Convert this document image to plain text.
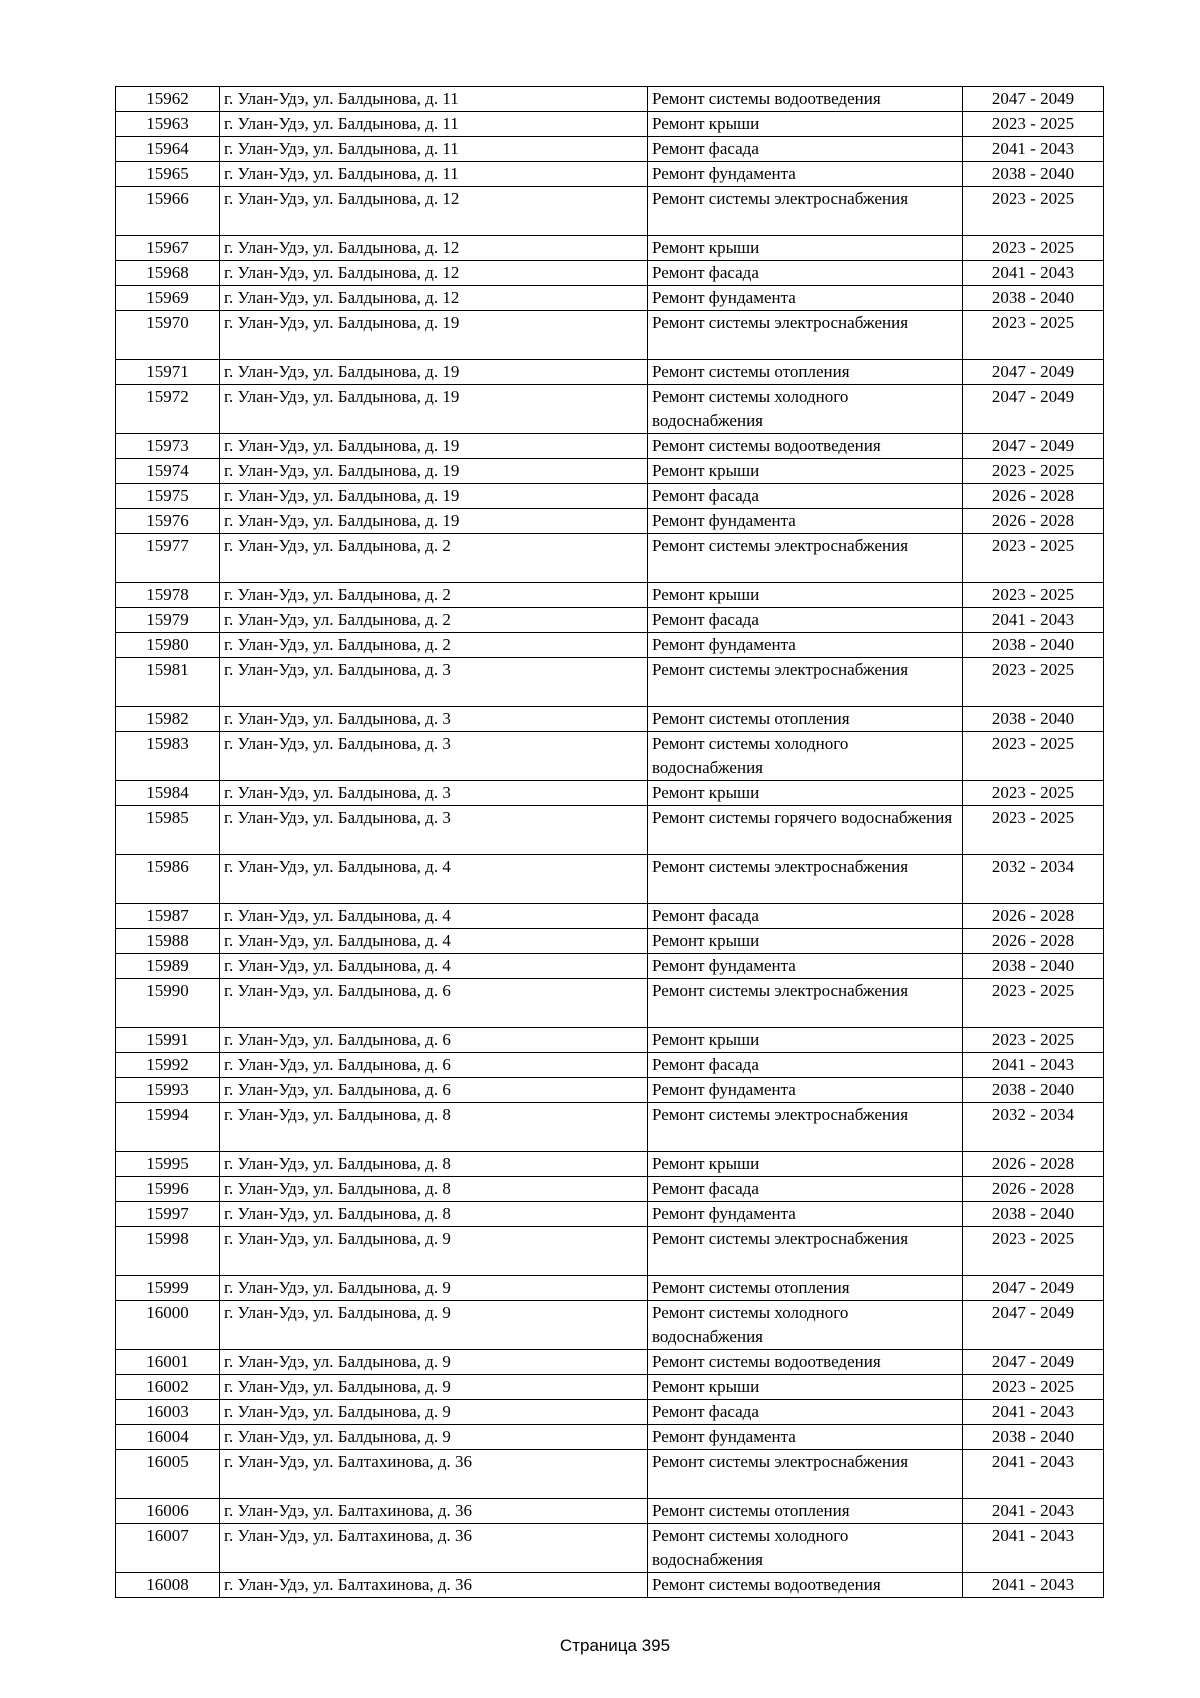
15962	г. Улан-Удэ, ул. Балдынова, д. 11	Ремонт системы водоотведения	2047 - 2049
15963	г. Улан-Удэ, ул. Балдынова, д. 11	Ремонт крыши	2023 - 2025
15964	г. Улан-Удэ, ул. Балдынова, д. 11	Ремонт фасада	2041 - 2043
15965	г. Улан-Удэ, ул. Балдынова, д. 11	Ремонт фундамента	2038 - 2040
15966	г. Улан-Удэ, ул. Балдынова, д. 12	Ремонт системы электроснабжения	2023 - 2025
15967	г. Улан-Удэ, ул. Балдынова, д. 12	Ремонт крыши	2023 - 2025
15968	г. Улан-Удэ, ул. Балдынова, д. 12	Ремонт фасада	2041 - 2043
15969	г. Улан-Удэ, ул. Балдынова, д. 12	Ремонт фундамента	2038 - 2040
15970	г. Улан-Удэ, ул. Балдынова, д. 19	Ремонт системы электроснабжения	2023 - 2025
15971	г. Улан-Удэ, ул. Балдынова, д. 19	Ремонт системы отопления	2047 - 2049
15972	г. Улан-Удэ, ул. Балдынова, д. 19	Ремонт системы холодного водоснабжения	2047 - 2049
15973	г. Улан-Удэ, ул. Балдынова, д. 19	Ремонт системы водоотведения	2047 - 2049
15974	г. Улан-Удэ, ул. Балдынова, д. 19	Ремонт крыши	2023 - 2025
15975	г. Улан-Удэ, ул. Балдынова, д. 19	Ремонт фасада	2026 - 2028
15976	г. Улан-Удэ, ул. Балдынова, д. 19	Ремонт фундамента	2026 - 2028
15977	г. Улан-Удэ, ул. Балдынова, д. 2	Ремонт системы электроснабжения	2023 - 2025
15978	г. Улан-Удэ, ул. Балдынова, д. 2	Ремонт крыши	2023 - 2025
15979	г. Улан-Удэ, ул. Балдынова, д. 2	Ремонт фасада	2041 - 2043
15980	г. Улан-Удэ, ул. Балдынова, д. 2	Ремонт фундамента	2038 - 2040
15981	г. Улан-Удэ, ул. Балдынова, д. 3	Ремонт системы электроснабжения	2023 - 2025
15982	г. Улан-Удэ, ул. Балдынова, д. 3	Ремонт системы отопления	2038 - 2040
15983	г. Улан-Удэ, ул. Балдынова, д. 3	Ремонт системы холодного водоснабжения	2023 - 2025
15984	г. Улан-Удэ, ул. Балдынова, д. 3	Ремонт крыши	2023 - 2025
15985	г. Улан-Удэ, ул. Балдынова, д. 3	Ремонт системы горячего водоснабжения	2023 - 2025
15986	г. Улан-Удэ, ул. Балдынова, д. 4	Ремонт системы электроснабжения	2032 - 2034
15987	г. Улан-Удэ, ул. Балдынова, д. 4	Ремонт фасада	2026 - 2028
15988	г. Улан-Удэ, ул. Балдынова, д. 4	Ремонт крыши	2026 - 2028
15989	г. Улан-Удэ, ул. Балдынова, д. 4	Ремонт фундамента	2038 - 2040
15990	г. Улан-Удэ, ул. Балдынова, д. 6	Ремонт системы электроснабжения	2023 - 2025
15991	г. Улан-Удэ, ул. Балдынова, д. 6	Ремонт крыши	2023 - 2025
15992	г. Улан-Удэ, ул. Балдынова, д. 6	Ремонт фасада	2041 - 2043
15993	г. Улан-Удэ, ул. Балдынова, д. 6	Ремонт фундамента	2038 - 2040
15994	г. Улан-Удэ, ул. Балдынова, д. 8	Ремонт системы электроснабжения	2032 - 2034
15995	г. Улан-Удэ, ул. Балдынова, д. 8	Ремонт крыши	2026 - 2028
15996	г. Улан-Удэ, ул. Балдынова, д. 8	Ремонт фасада	2026 - 2028
15997	г. Улан-Удэ, ул. Балдынова, д. 8	Ремонт фундамента	2038 - 2040
15998	г. Улан-Удэ, ул. Балдынова, д. 9	Ремонт системы электроснабжения	2023 - 2025
15999	г. Улан-Удэ, ул. Балдынова, д. 9	Ремонт системы отопления	2047 - 2049
16000	г. Улан-Удэ, ул. Балдынова, д. 9	Ремонт системы холодного водоснабжения	2047 - 2049
16001	г. Улан-Удэ, ул. Балдынова, д. 9	Ремонт системы водоотведения	2047 - 2049
16002	г. Улан-Удэ, ул. Балдынова, д. 9	Ремонт крыши	2023 - 2025
16003	г. Улан-Удэ, ул. Балдынова, д. 9	Ремонт фасада	2041 - 2043
16004	г. Улан-Удэ, ул. Балдынова, д. 9	Ремонт фундамента	2038 - 2040
16005	г. Улан-Удэ, ул. Балтахинова, д. 36	Ремонт системы электроснабжения	2041 - 2043
16006	г. Улан-Удэ, ул. Балтахинова, д. 36	Ремонт системы отопления	2041 - 2043
16007	г. Улан-Удэ, ул. Балтахинова, д. 36	Ремонт системы холодного водоснабжения	2041 - 2043
16008	г. Улан-Удэ, ул. Балтахинова, д. 36	Ремонт системы водоотведения	2041 - 2043
Страница 395
